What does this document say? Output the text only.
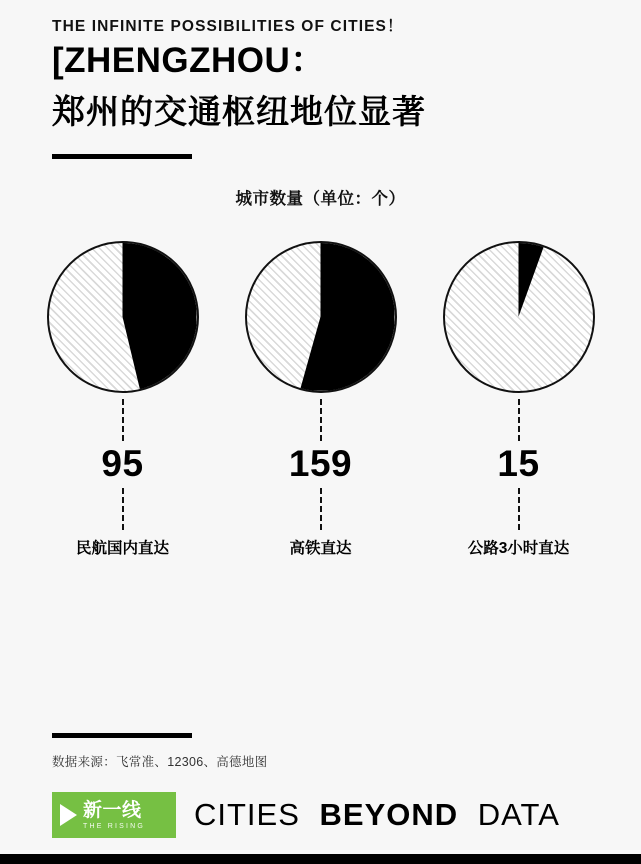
THE INFINITE POSSIBILITIES OF CITIES！
[ZHENGZHOU：
郑州的交通枢纽地位显著
城市数量（单位：个）
95
民航国内直达
159
高铁直达
15
公路3小时直达
数据来源：飞常准、12306、高德地图
新一线
THE RISING CITIES BEYOND DATA
